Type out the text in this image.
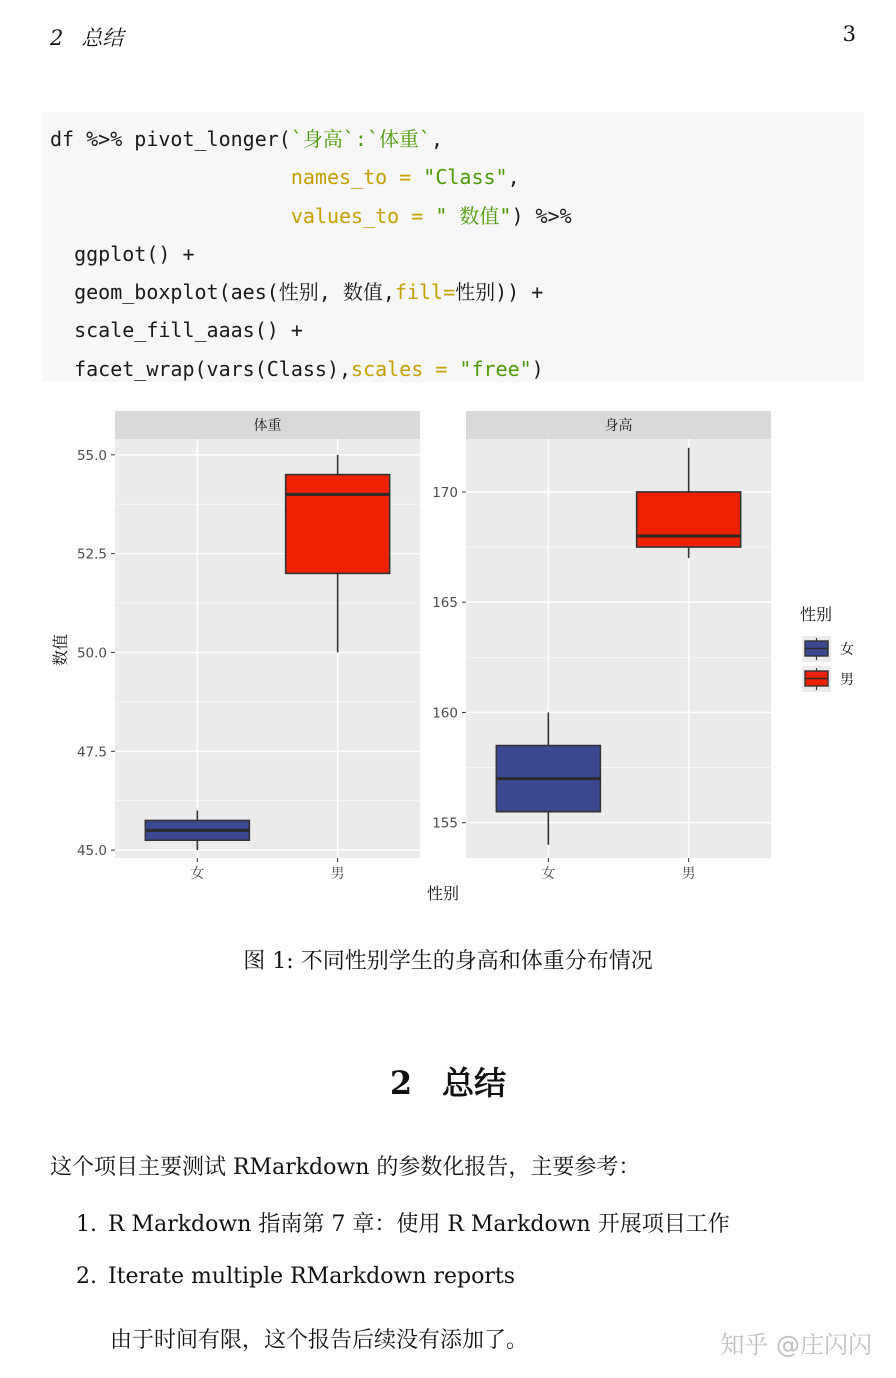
2 总结	3
df %>% pivot_longer(`身高`:`体重`,
names_to = "Class",
values_to = " 数值") %>%
ggplot() +
geom_boxplot(aes(性别, 数值,fill=性别)) +
scale_fill_aaas() +
facet_wrap(vars(Class),scales = "free")
体重
45.0
47.5
50.0
52.5
55.0
女	男
身高
155
160
165
170
女	男
性别
数值
性别
女
男
图 1: 不同性别学生的身高和体重分布情况
2 总结
这个项目主要测试 RMarkdown 的参数化报告，主要参考：
1. R Markdown 指南第 7 章：使用 R Markdown 开展项目工作
2. Iterate multiple RMarkdown reports
由于时间有限，这个报告后续没有添加了。	知乎 @庄闪闪
